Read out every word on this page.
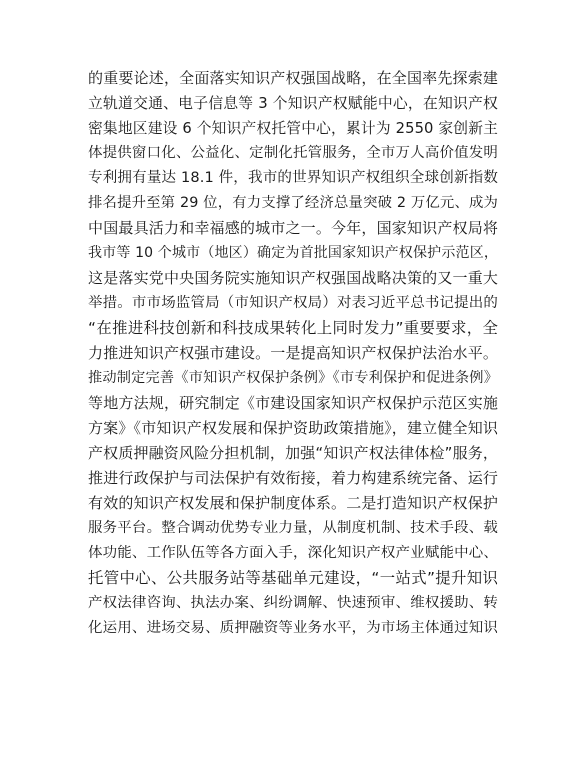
的重要论述，全面落实知识产权强国战略，在全国率先探索建
立轨道交通、电子信息等 3 个知识产权赋能中心，在知识产权
密集地区建设 6 个知识产权托管中心，累计为 2550 家创新主
体提供窗口化、公益化、定制化托管服务，全市万人高价值发明
专利拥有量达 18.1 件，我市的世界知识产权组织全球创新指数
排名提升至第 29 位，有力支撑了经济总量突破 2 万亿元、成为
中国最具活力和幸福感的城市之一。今年，国家知识产权局将
我市等 10 个城市（地区）确定为首批国家知识产权保护示范区，
这是落实党中央国务院实施知识产权强国战略决策的又一重大
举措。市市场监管局（市知识产权局）对表习近平总书记提出的
“在推进科技创新和科技成果转化上同时发力”重要要求，全
力推进知识产权强市建设。一是提高知识产权保护法治水平。
推动制定完善《市知识产权保护条例》《市专利保护和促进条例》
等地方法规，研究制定《市建设国家知识产权保护示范区实施
方案》《市知识产权发展和保护资助政策措施》，建立健全知识
产权质押融资风险分担机制，加强“知识产权法律体检”服务，
推进行政保护与司法保护有效衔接，着力构建系统完备、运行
有效的知识产权发展和保护制度体系。二是打造知识产权保护
服务平台。整合调动优势专业力量，从制度机制、技术手段、载
体功能、工作队伍等各方面入手，深化知识产权产业赋能中心、
托管中心、公共服务站等基础单元建设，“一站式”提升知识
产权法律咨询、执法办案、纠纷调解、快速预审、维权援助、转
化运用、进场交易、质押融资等业务水平，为市场主体通过知识
